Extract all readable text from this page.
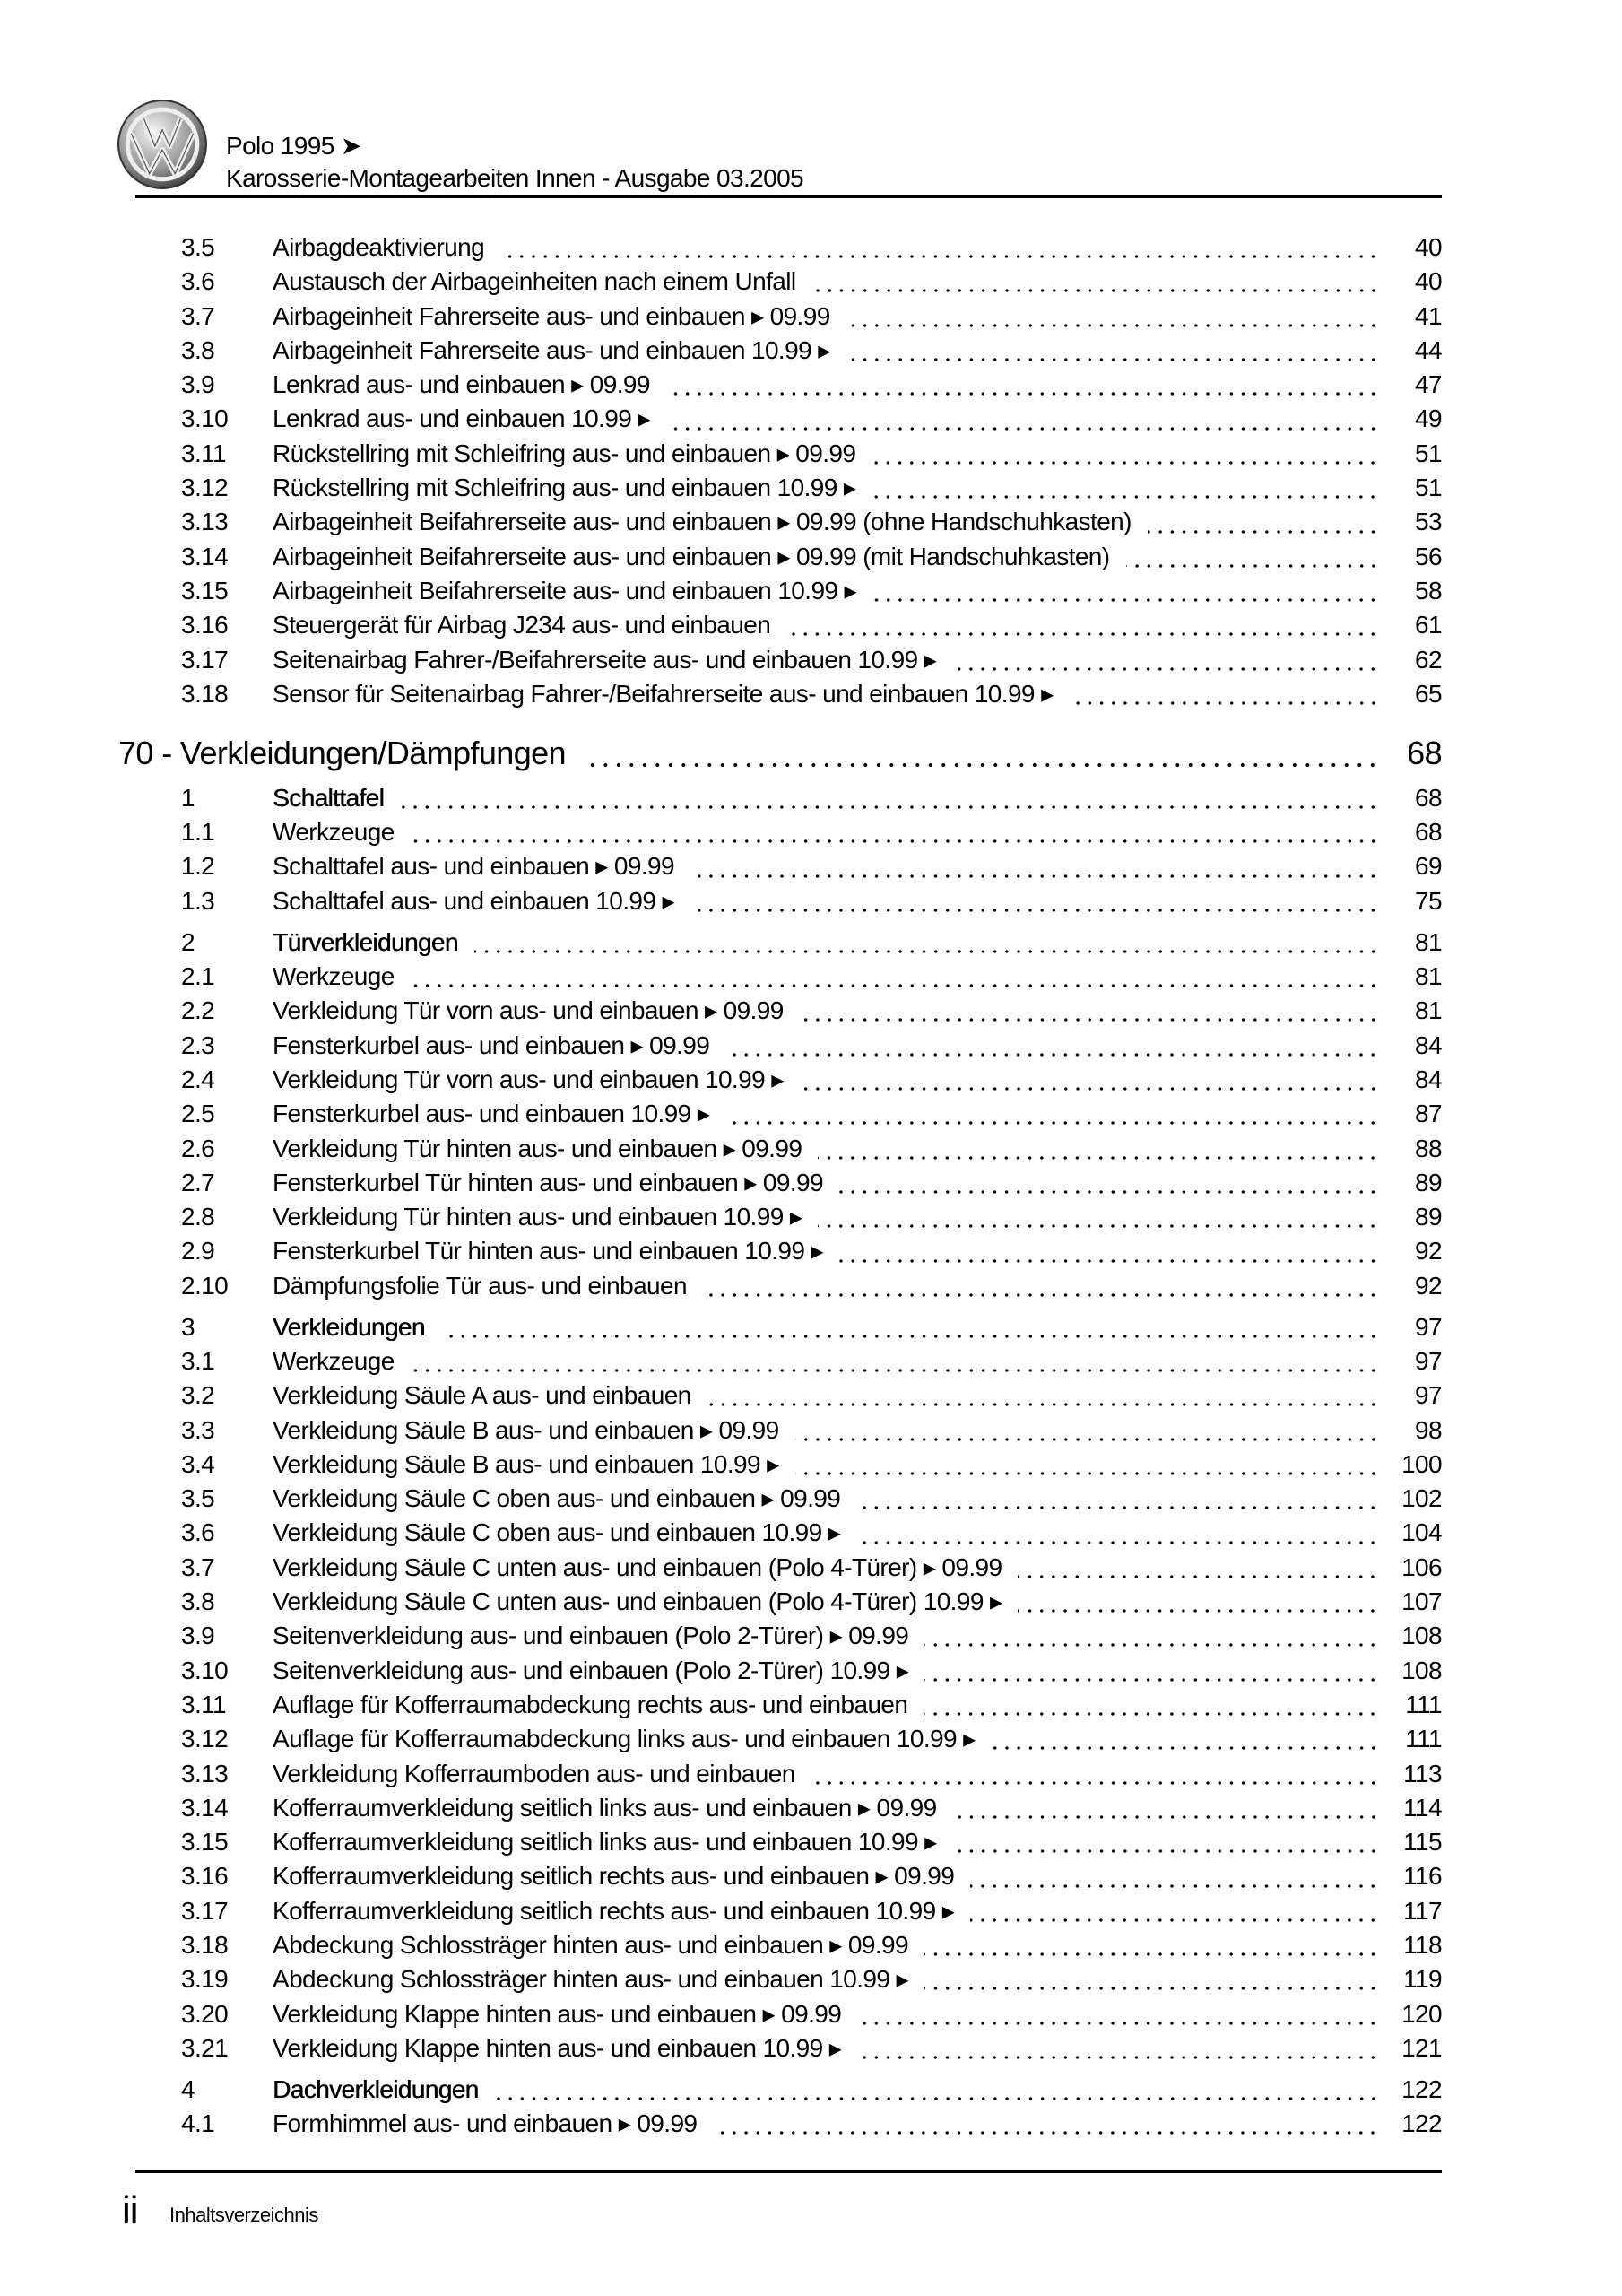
Polo 1995 ➤
Karosserie-Montagearbeiten Innen - Ausgabe 03.2005
3.5	Airbagdeaktivierung	40
3.6	Austausch der Airbageinheiten nach einem Unfall	40
3.7	Airbageinheit Fahrerseite aus- und einbauen ▸ 09.99	41
3.8	Airbageinheit Fahrerseite aus- und einbauen 10.99 ▸	44
3.9	Lenkrad aus- und einbauen ▸ 09.99	47
3.10	Lenkrad aus- und einbauen 10.99 ▸	49
3.11	Rückstellring mit Schleifring aus- und einbauen ▸ 09.99	51
3.12	Rückstellring mit Schleifring aus- und einbauen 10.99 ▸	51
3.13	Airbageinheit Beifahrerseite aus- und einbauen ▸ 09.99 (ohne Handschuhkasten)	53
3.14	Airbageinheit Beifahrerseite aus- und einbauen ▸ 09.99 (mit Handschuhkasten)	56
3.15	Airbageinheit Beifahrerseite aus- und einbauen 10.99 ▸	58
3.16	Steuergerät für Airbag J234 aus- und einbauen	61
3.17	Seitenairbag Fahrer-/Beifahrerseite aus- und einbauen 10.99 ▸	62
3.18	Sensor für Seitenairbag Fahrer-/Beifahrerseite aus- und einbauen 10.99 ▸	65
70 - Verkleidungen/Dämpfungen	68
1	Schalttafel	68
1.1	Werkzeuge	68
1.2	Schalttafel aus- und einbauen ▸ 09.99	69
1.3	Schalttafel aus- und einbauen 10.99 ▸	75
2	Türverkleidungen	81
2.1	Werkzeuge	81
2.2	Verkleidung Tür vorn aus- und einbauen ▸ 09.99	81
2.3	Fensterkurbel aus- und einbauen ▸ 09.99	84
2.4	Verkleidung Tür vorn aus- und einbauen 10.99 ▸	84
2.5	Fensterkurbel aus- und einbauen 10.99 ▸	87
2.6	Verkleidung Tür hinten aus- und einbauen ▸ 09.99	88
2.7	Fensterkurbel Tür hinten aus- und einbauen ▸ 09.99	89
2.8	Verkleidung Tür hinten aus- und einbauen 10.99 ▸	89
2.9	Fensterkurbel Tür hinten aus- und einbauen 10.99 ▸	92
2.10	Dämpfungsfolie Tür aus- und einbauen	92
3	Verkleidungen	97
3.1	Werkzeuge	97
3.2	Verkleidung Säule A aus- und einbauen	97
3.3	Verkleidung Säule B aus- und einbauen ▸ 09.99	98
3.4	Verkleidung Säule B aus- und einbauen 10.99 ▸	100
3.5	Verkleidung Säule C oben aus- und einbauen ▸ 09.99	102
3.6	Verkleidung Säule C oben aus- und einbauen 10.99 ▸	104
3.7	Verkleidung Säule C unten aus- und einbauen (Polo 4-Türer) ▸ 09.99	106
3.8	Verkleidung Säule C unten aus- und einbauen (Polo 4-Türer) 10.99 ▸	107
3.9	Seitenverkleidung aus- und einbauen (Polo 2-Türer) ▸ 09.99	108
3.10	Seitenverkleidung aus- und einbauen (Polo 2-Türer) 10.99 ▸	108
3.11	Auflage für Kofferraumabdeckung rechts aus- und einbauen	111
3.12	Auflage für Kofferraumabdeckung links aus- und einbauen 10.99 ▸	111
3.13	Verkleidung Kofferraumboden aus- und einbauen	113
3.14	Kofferraumverkleidung seitlich links aus- und einbauen ▸ 09.99	114
3.15	Kofferraumverkleidung seitlich links aus- und einbauen 10.99 ▸	115
3.16	Kofferraumverkleidung seitlich rechts aus- und einbauen ▸ 09.99	116
3.17	Kofferraumverkleidung seitlich rechts aus- und einbauen 10.99 ▸	117
3.18	Abdeckung Schlossträger hinten aus- und einbauen ▸ 09.99	118
3.19	Abdeckung Schlossträger hinten aus- und einbauen 10.99 ▸	119
3.20	Verkleidung Klappe hinten aus- und einbauen ▸ 09.99	120
3.21	Verkleidung Klappe hinten aus- und einbauen 10.99 ▸	121
4	Dachverkleidungen	122
4.1	Formhimmel aus- und einbauen ▸ 09.99	122
ii Inhaltsverzeichnis
